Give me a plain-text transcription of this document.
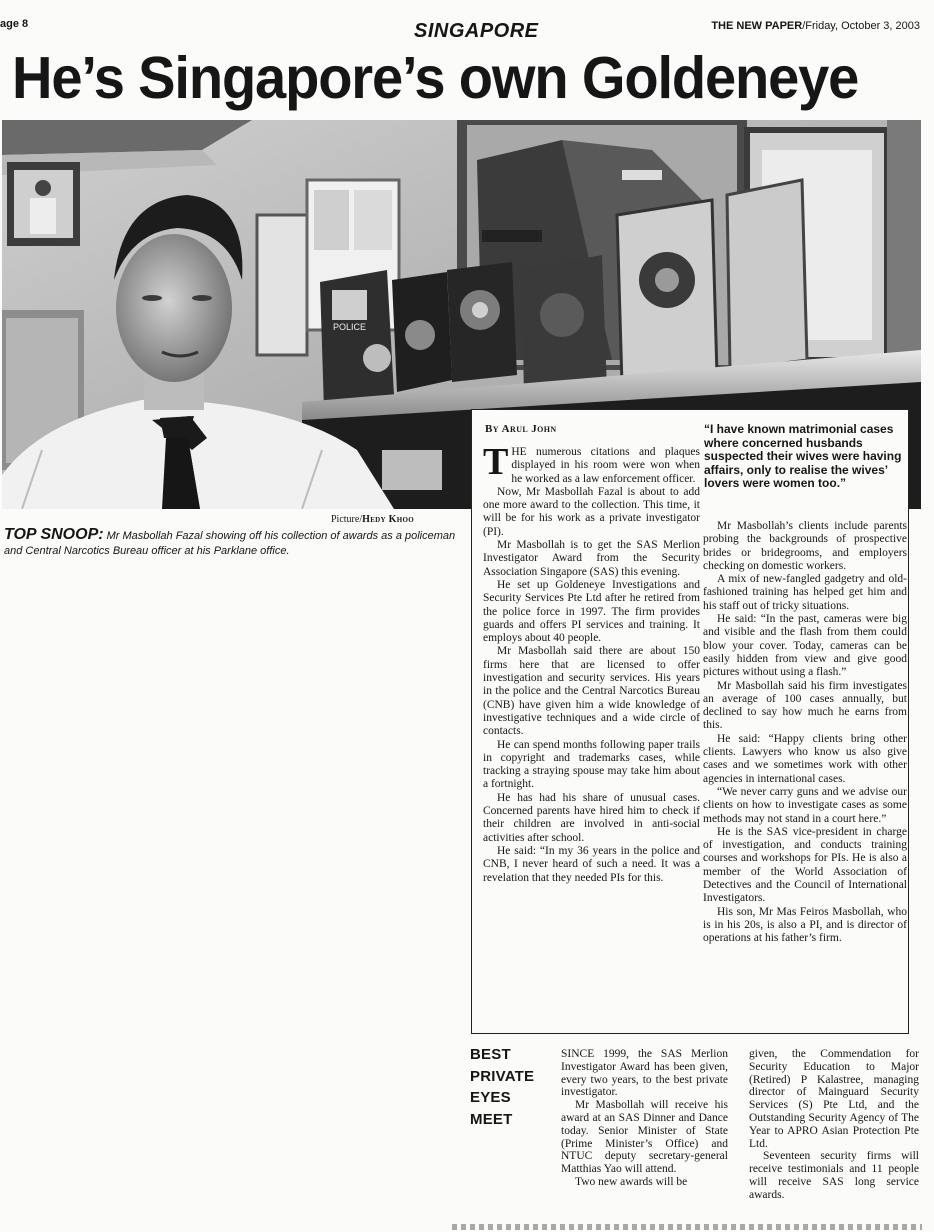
age 8	SINGAPORE	THE NEW PAPER/Friday, October 3, 2003
He’s Singapore’s own Goldeneye
POLICE
Picture/Hedy Khoo
TOP SNOOP: Mr Masbollah Fazal showing off his collection of awards as a policeman and Central Narcotics Bureau officer at his Parklane office.
By Arul John	“I have known matrimonial cases where concerned husbands suspected their wives were having affairs, only to realise the wives’ lovers were women too.”

THE numerous citations and plaques displayed in his room were won when he worked as a law enforcement officer.

Now, Mr Masbollah Fazal is about to add one more award to the collection. This time, it will be for his work as a private investigator (PI).

Mr Masbollah is to get the SAS Merlion Investigator Award from the Security Association Singapore (SAS) this evening.

He set up Goldeneye Investigations and Security Services Pte Ltd after he retired from the police force in 1997. The firm provides guards and offers PI services and training. It employs about 40 people.

Mr Masbollah said there are about 150 firms here that are licensed to offer investigation and security services. His years in the police and the Central Narcotics Bureau (CNB) have given him a wide knowledge of investigative techniques and a wide circle of contacts.

He can spend months following paper trails in copyright and trademarks cases, while tracking a straying spouse may take him about a fortnight.

He has had his share of unusual cases. Concerned parents have hired him to check if their children are involved in anti-social activities after school.

He said: “In my 36 years in the police and CNB, I never heard of such a need. It was a revelation that they needed PIs for this.

Mr Masbollah’s clients include parents probing the backgrounds of prospective brides or bridegrooms, and employers checking on domestic workers.

A mix of new-fangled gadgetry and old-fashioned training has helped get him and his staff out of tricky situations.

He said: “In the past, cameras were big and visible and the flash from them could blow your cover. Today, cameras can be easily hidden from view and give good pictures without using a flash.”

Mr Masbollah said his firm investigates an average of 100 cases annually, but declined to say how much he earns from this.

He said: “Happy clients bring other clients. Lawyers who know us also give cases and we sometimes work with other agencies in international cases.

“We never carry guns and we advise our clients on how to investigate cases as some methods may not stand in a court here.”

He is the SAS vice-president in charge of investigation, and conducts training courses and workshops for PIs. He is also a member of the World Association of Detectives and the Council of International Investigators.

His son, Mr Mas Feiros Masbollah, who is in his 20s, is also a PI, and is director of operations at his father’s firm.

BEST
PRIVATE
EYES
MEET

SINCE 1999, the SAS Merlion Investigator Award has been given, every two years, to the best private investigator.

Mr Masbollah will receive his award at an SAS Dinner and Dance today. Senior Minister of State (Prime Minister’s Office) and NTUC deputy secretary-general Matthias Yao will attend.

Two new awards will be

given, the Commendation for Security Education to Major (Retired) P Kalastree, managing director of Mainguard Security Services (S) Pte Ltd, and the Outstanding Security Agency of The Year to APRO Asian Protection Pte Ltd.

Seventeen security firms will receive testimonials and 11 people will receive SAS long service awards.
